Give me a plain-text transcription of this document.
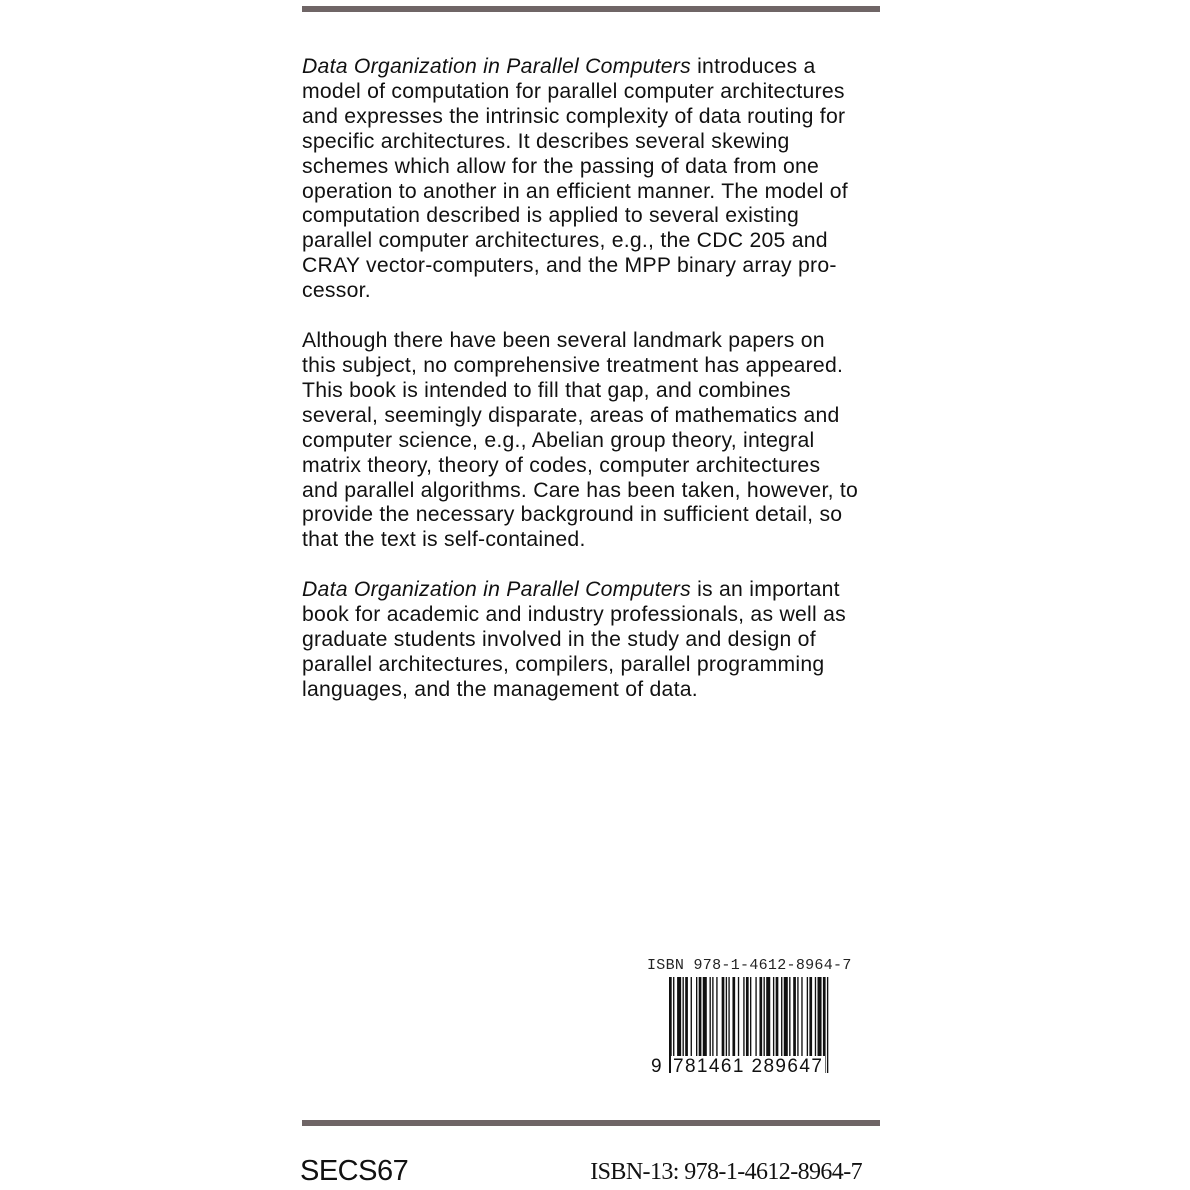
Data Organization in Parallel Computers introduces a
model of computation for parallel computer architectures
and expresses the intrinsic complexity of data routing for
specific architectures. It describes several skewing
schemes which allow for the passing of data from one
operation to another in an efficient manner. The model of
computation described is applied to several existing
parallel computer architectures, e.g., the CDC 205 and
CRAY vector-computers, and the MPP binary array pro-
cessor.

Although there have been several landmark papers on
this subject, no comprehensive treatment has appeared.
This book is intended to fill that gap, and combines
several, seemingly disparate, areas of mathematics and
computer science, e.g., Abelian group theory, integral
matrix theory, theory of codes, computer architectures
and parallel algorithms. Care has been taken, however, to
provide the necessary background in sufficient detail, so
that the text is self-contained.

Data Organization in Parallel Computers is an important
book for academic and industry professionals, as well as
graduate students involved in the study and design of
parallel architectures, compilers, parallel programming
languages, and the management of data.

ISBN 978-1-4612-8964-7
9 781461 289647
SECS67	ISBN-13: 978-1-4612-8964-7
